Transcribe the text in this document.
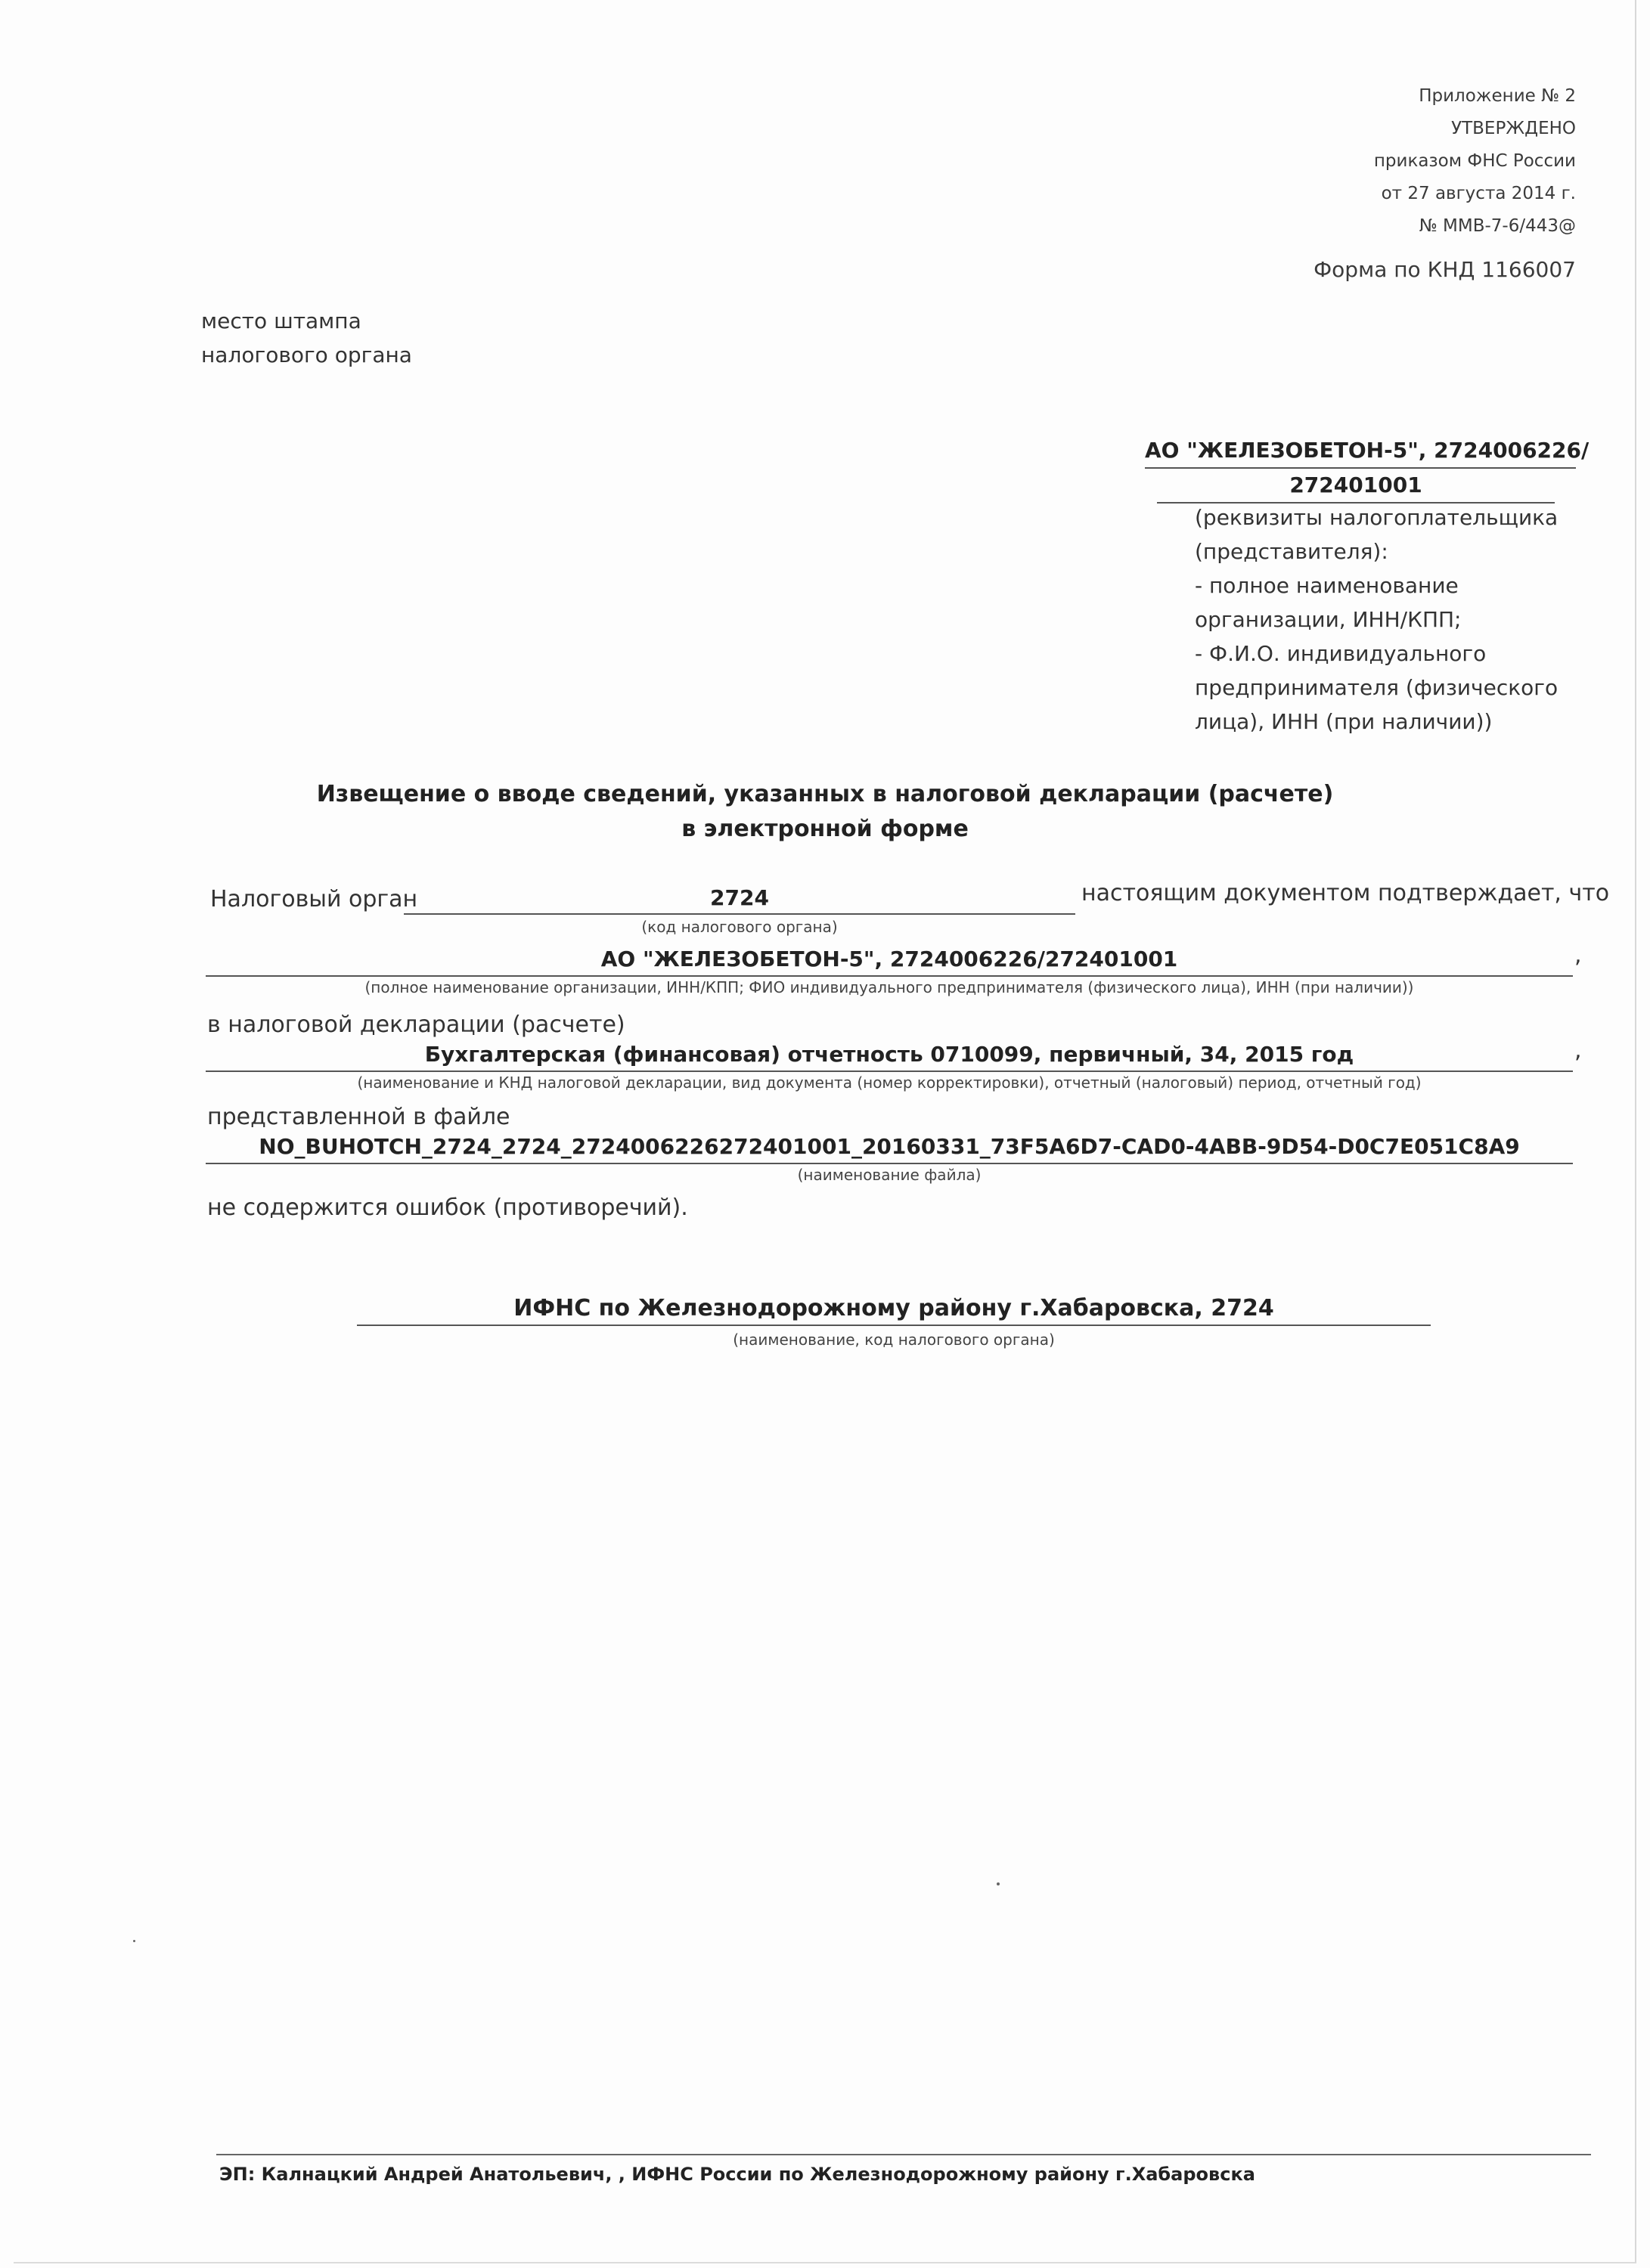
Приложение № 2
УТВЕРЖДЕНО
приказом ФНС России
от 27 августа 2014 г.
№ ММВ-7-6/443@
Форма по КНД 1166007
место штампа
налогового органа
АО "ЖЕЛЕЗОБЕТОН-5", 2724006226/
272401001
(реквизиты налогоплательщика
(представителя):
- полное наименование
организации, ИНН/КПП;
- Ф.И.О. индивидуального
предпринимателя (физического
лица), ИНН (при наличии))
Извещение о вводе сведений, указанных в налоговой декларации (расчете)
в электронной форме
Налоговый орган	2724	настоящим документом подтверждает, что
(код налогового органа)
АО "ЖЕЛЕЗОБЕТОН-5", 2724006226/272401001	,
(полное наименование организации, ИНН/КПП; ФИО индивидуального предпринимателя (физического лица), ИНН (при наличии))
в налоговой декларации (расчете)
Бухгалтерская (финансовая) отчетность 0710099, первичный, 34, 2015 год	,
(наименование и КНД налоговой декларации, вид документа (номер корректировки), отчетный (налоговый) период, отчетный год)
представленной в файле
NO_BUHOTCH_2724_2724_2724006226272401001_20160331_73F5A6D7-CAD0-4ABB-9D54-D0C7E051C8A9
(наименование файла)
не содержится ошибок (противоречий).
ИФНС по Железнодорожному району г.Хабаровска, 2724
(наименование, код налогового органа)
ЭП: Калнацкий Андрей Анатольевич, , ИФНС России по Железнодорожному району г.Хабаровска
